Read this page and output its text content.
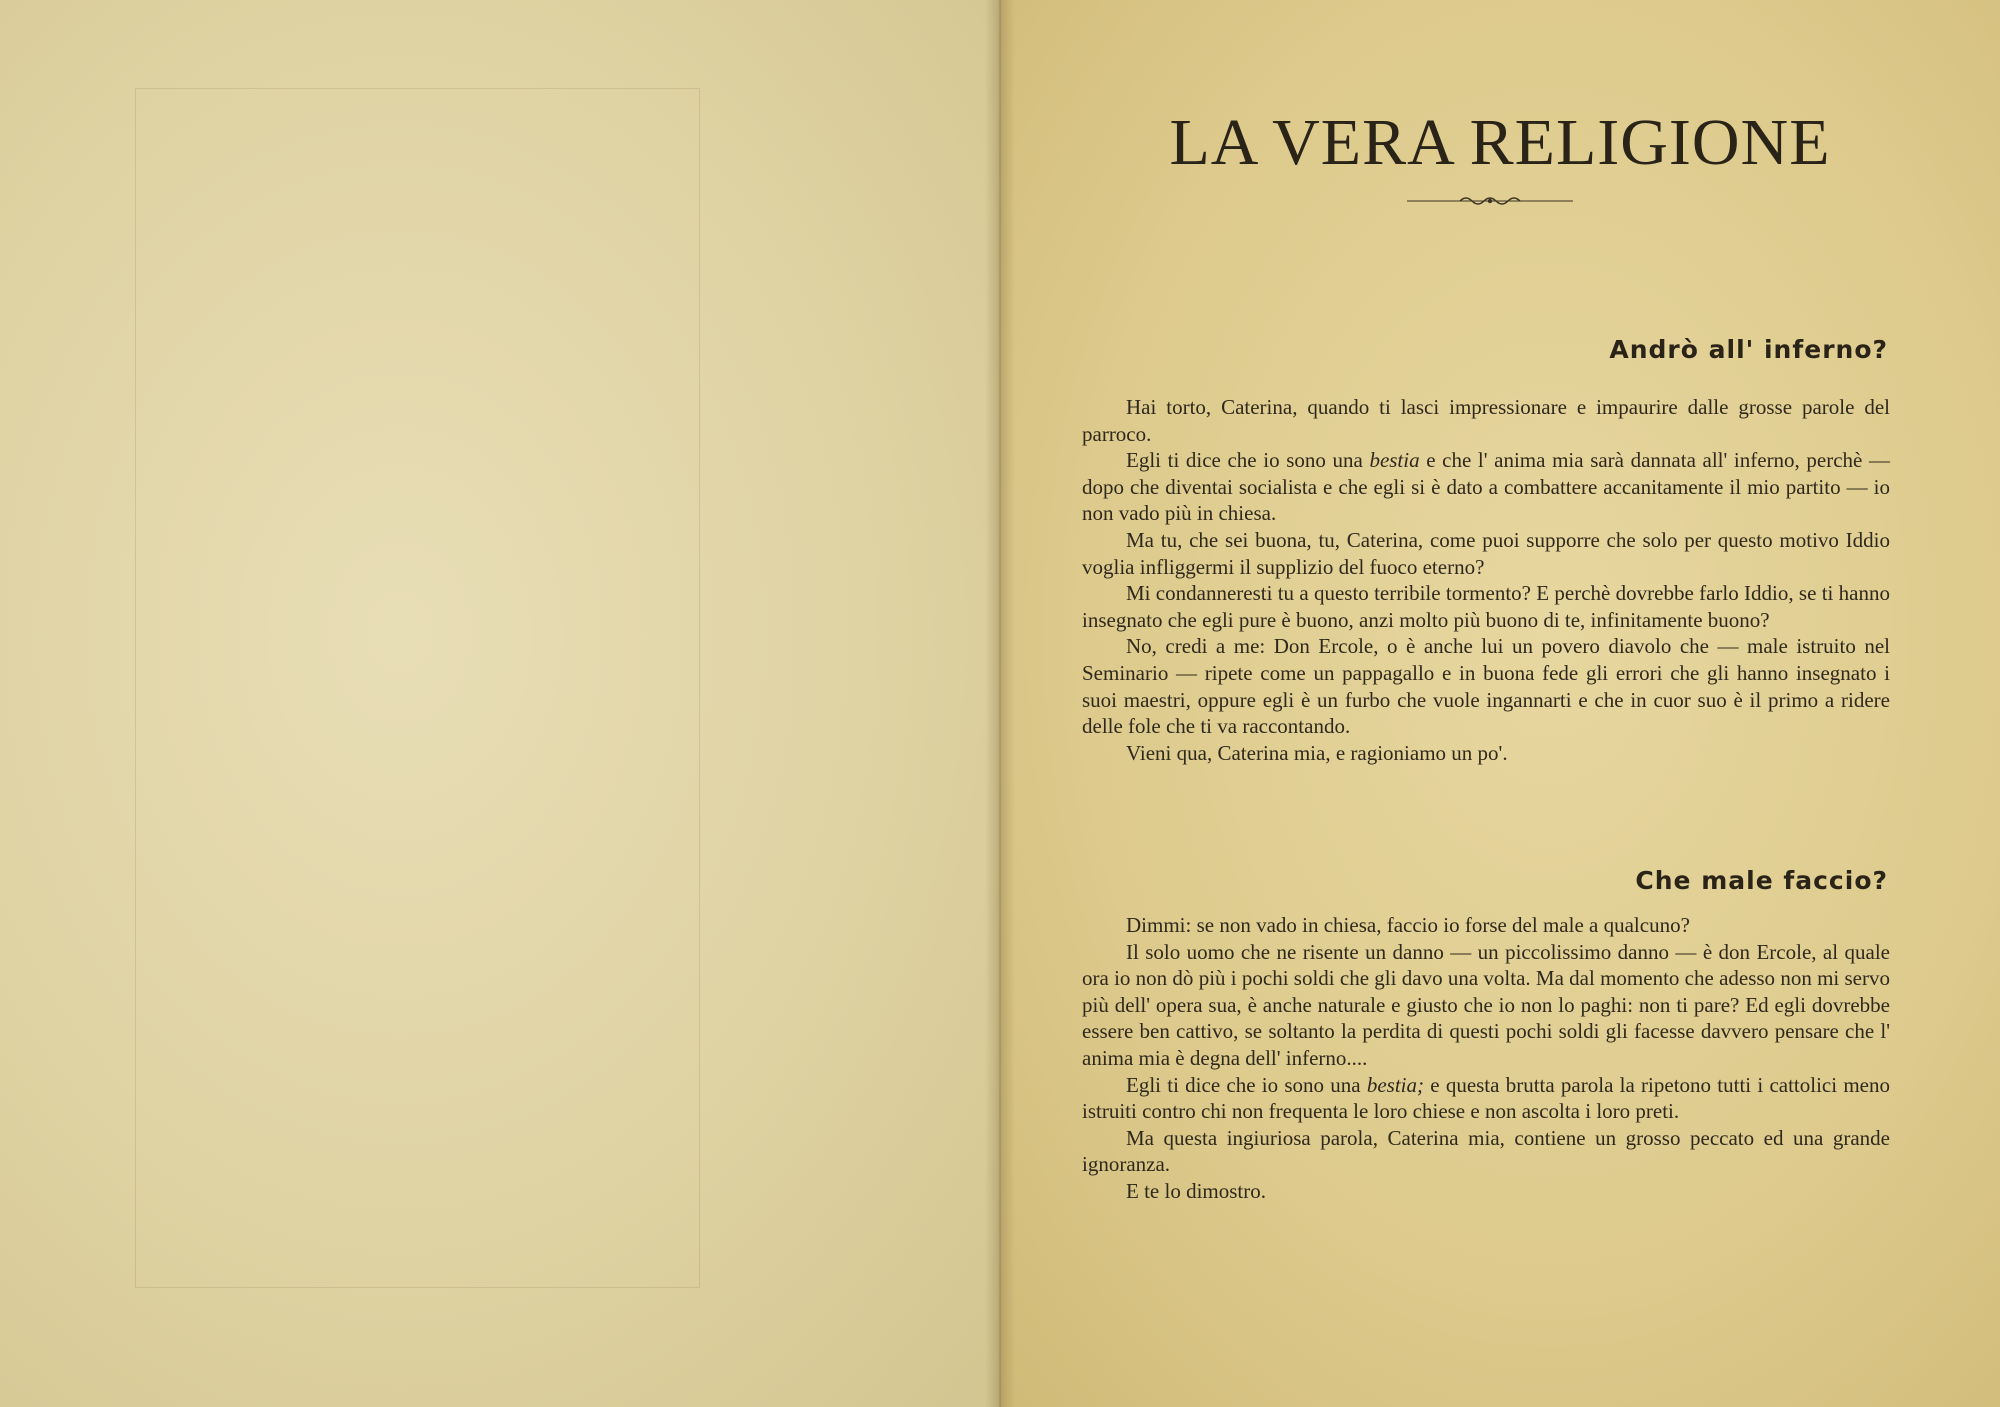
LA VERA RELIGIONE
Andrò all' inferno?

Hai torto, Caterina, quando ti lasci impressionare e impaurire dalle grosse parole del parroco.

Egli ti dice che io sono una bestia e che l' anima mia sarà dannata all' inferno, perchè — dopo che diventai socialista e che egli si è dato a combattere accanitamente il mio partito — io non vado più in chiesa.

Ma tu, che sei buona, tu, Caterina, come puoi supporre che solo per questo motivo Iddio voglia infliggermi il supplizio del fuoco eterno?

Mi condanneresti tu a questo terribile tormento? E perchè dovrebbe farlo Iddio, se ti hanno insegnato che egli pure è buono, anzi molto più buono di te, infinitamente buono?

No, credi a me: Don Ercole, o è anche lui un povero diavolo che — male istruito nel Seminario — ripete come un pappagallo e in buona fede gli errori che gli hanno insegnato i suoi maestri, oppure egli è un furbo che vuole ingannarti e che in cuor suo è il primo a ridere delle fole che ti va raccontando.

Vieni qua, Caterina mia, e ragioniamo un po'.

Che male faccio?

Dimmi: se non vado in chiesa, faccio io forse del male a qualcuno?

Il solo uomo che ne risente un danno — un piccolissimo danno — è don Ercole, al quale ora io non dò più i pochi soldi che gli davo una volta. Ma dal momento che adesso non mi servo più dell' opera sua, è anche naturale e giusto che io non lo paghi: non ti pare? Ed egli dovrebbe essere ben cattivo, se soltanto la perdita di questi pochi soldi gli facesse davvero pensare che l' anima mia è degna dell' inferno....

Egli ti dice che io sono una bestia; e questa brutta parola la ripetono tutti i cattolici meno istruiti contro chi non frequenta le loro chiese e non ascolta i loro preti.

Ma questa ingiuriosa parola, Caterina mia, contiene un grosso peccato ed una grande ignoranza.

E te lo dimostro.
